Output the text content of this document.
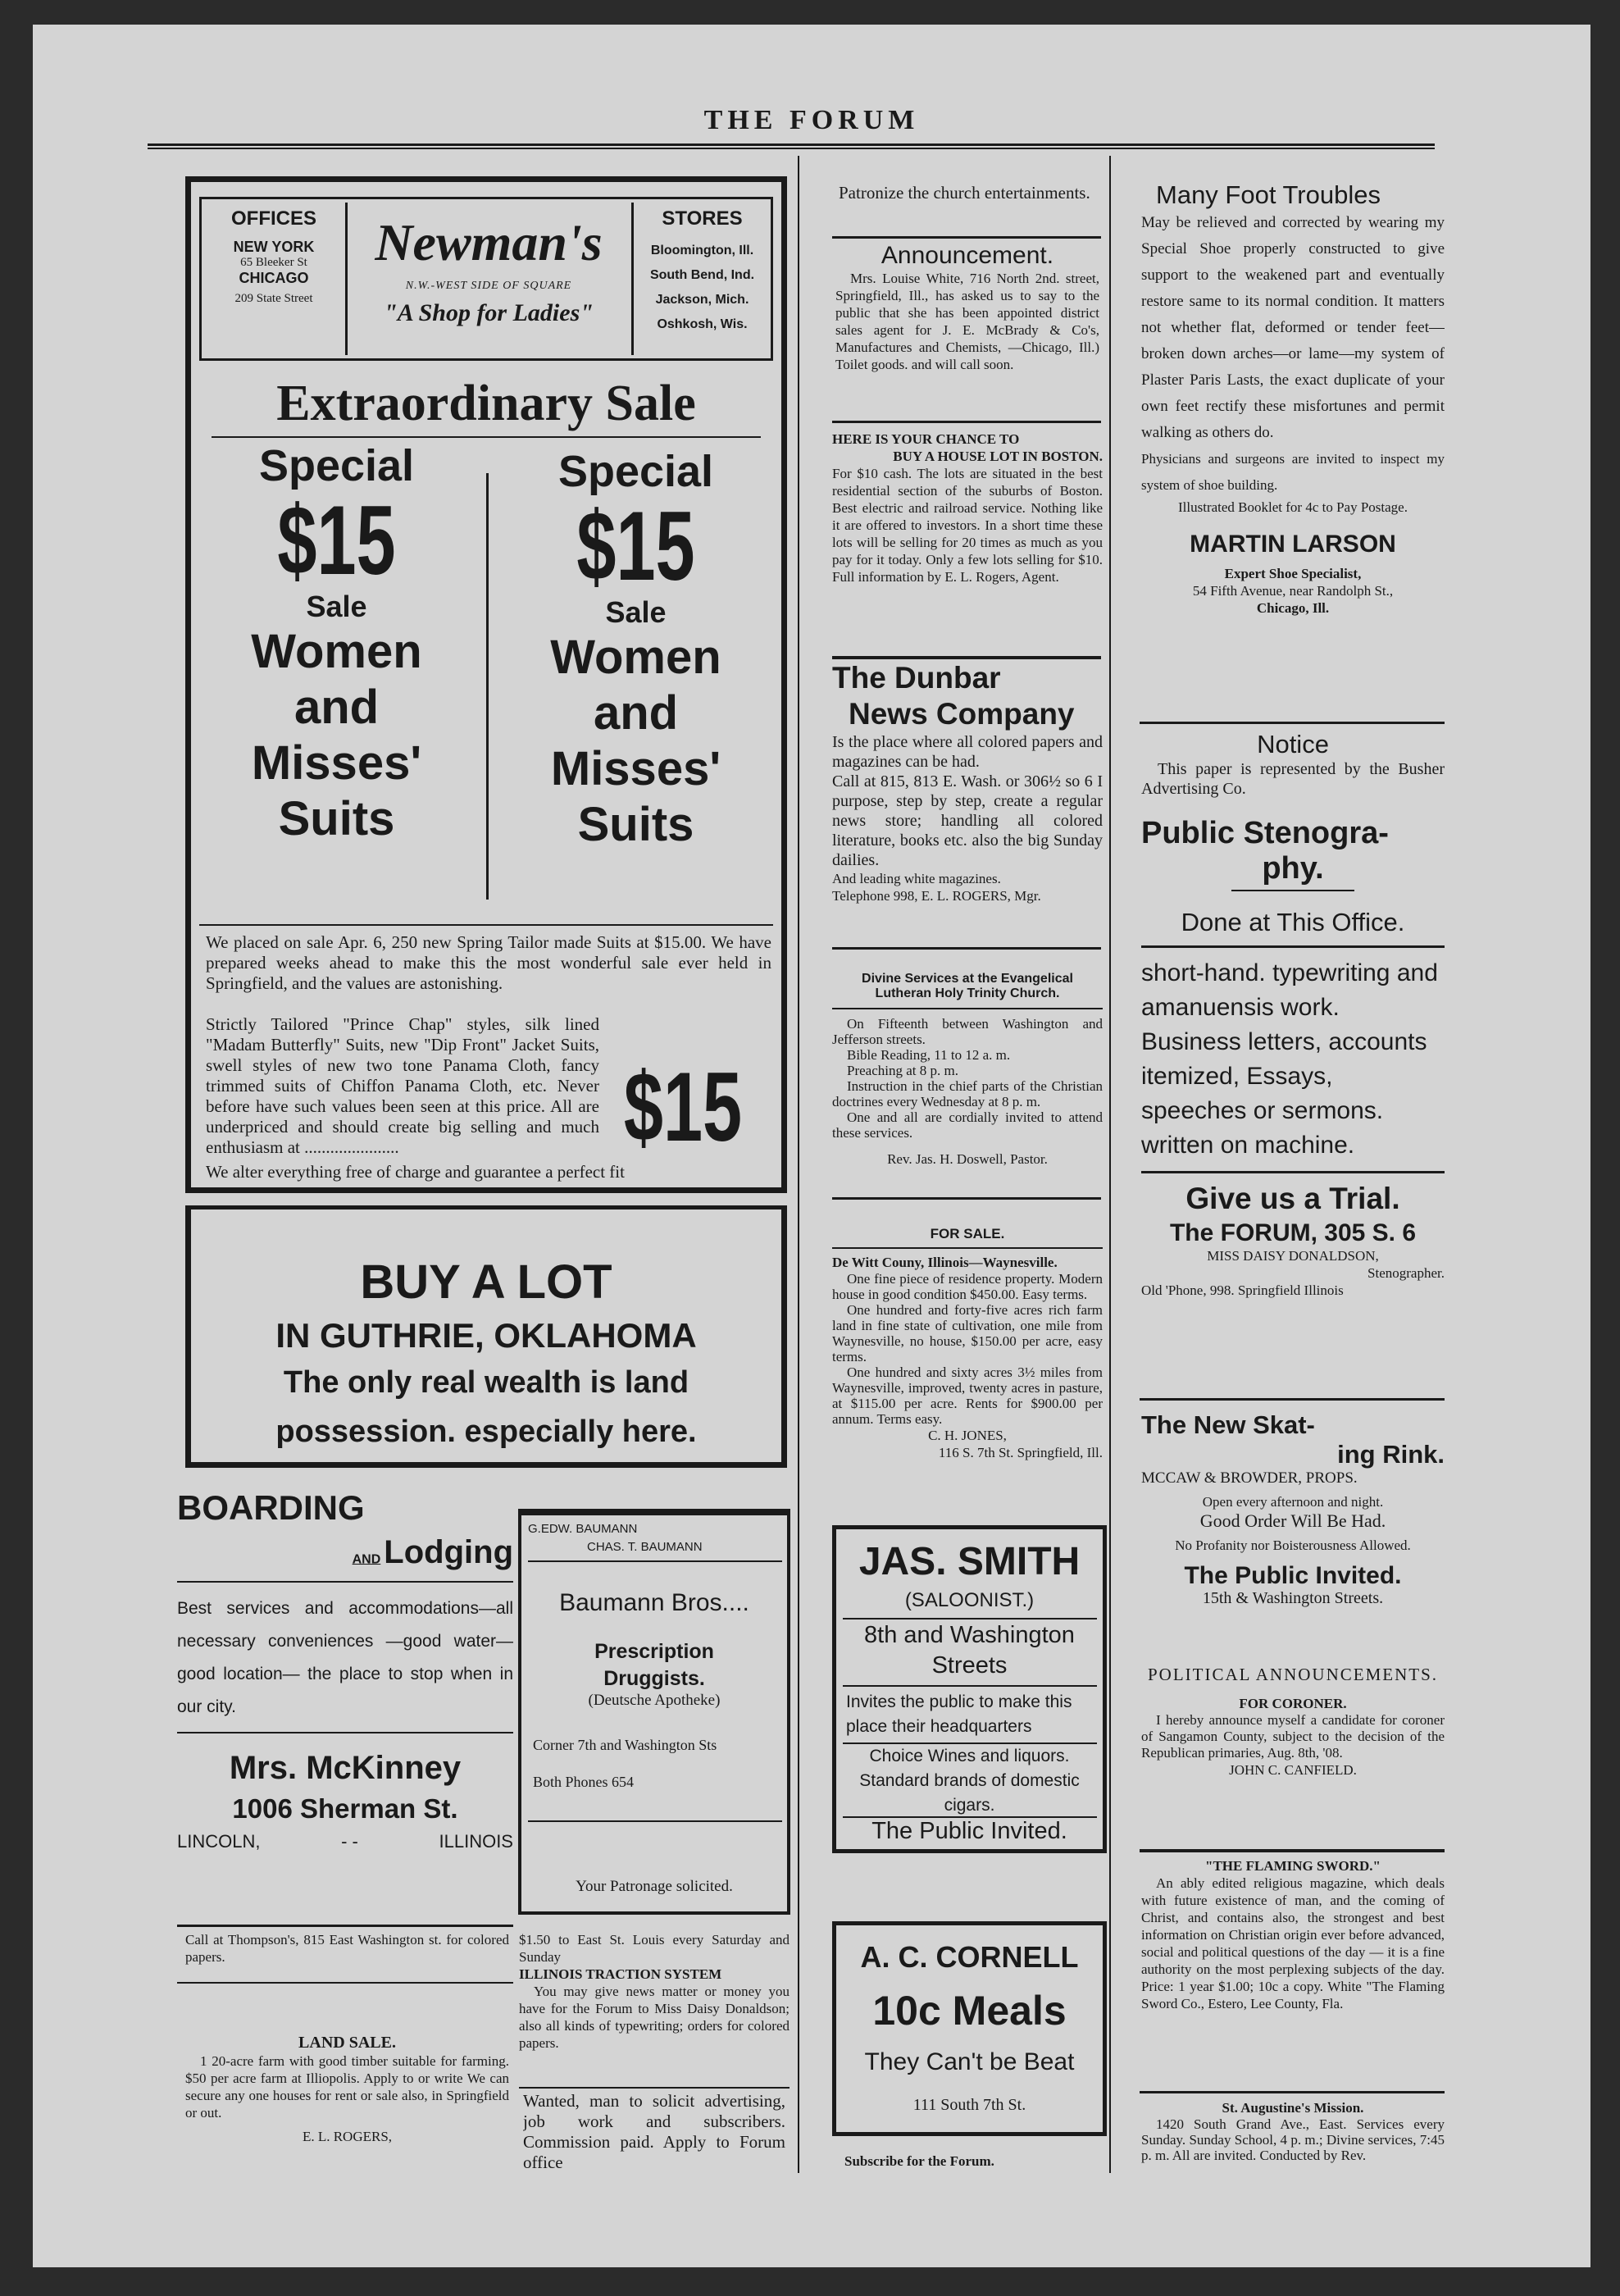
THE FORUM
OFFICES
NEW YORK
65 Bleeker St
CHICAGO
209 State Street
Newman's
N.W.-WEST SIDE OF SQUARE
"A Shop for Ladies"
STORES
Bloomington, Ill.
South Bend, Ind.
Jackson, Mich.
Oshkosh, Wis.
Extraordinary Sale
Special
$15
Sale
Women
and
Misses'
Suits
Special
$15
Sale
Women
and
Misses'
Suits
We placed on sale Apr. 6, 250 new Spring Tailor made Suits at $15.00. We have prepared weeks ahead to make this the most wonderful sale ever held in Springfield, and the values are astonishing.
Strictly Tailored "Prince Chap" styles, silk lined "Madam Butterfly" Suits, new "Dip Front" Jacket Suits, swell styles of new two tone Panama Cloth, fancy trimmed suits of Chiffon Panama Cloth, etc. Never before have such values been seen at this price. All are underpriced and should create big selling and much enthusiasm at ......................	$15
We alter everything free of charge and guarantee a perfect fit
BUY A LOT
IN GUTHRIE, OKLAHOMA
The only real wealth is land
possession. especially here.
BOARDING
AND Lodging
Best services and accommodations—all necessary conveniences —good water—good location— the place to stop when in our city.
Mrs. McKinney
1006 Sherman St.
LINCOLN,	- -	ILLINOIS
Call at Thompson's, 815 East Washington st. for colored papers.
LAND SALE.
1 20-acre farm with good timber suitable for farming. $50 per acre farm at Illiopolis. Apply to or write We can secure any one houses for rent or sale also, in Springfield or out.
E. L. ROGERS,
G.EDW. BAUMANN
CHAS. T. BAUMANN
Baumann Bros....
Prescription
Druggists.
(Deutsche Apotheke)
Corner 7th and Washington Sts
Both Phones 654
Your Patronage solicited.
$1.50 to East St. Louis every Saturday and Sunday
ILLINOIS TRACTION SYSTEM
You may give news matter or money you have for the Forum to Miss Daisy Donaldson; also all kinds of typewriting; orders for colored papers.
Wanted, man to solicit advertising, job work and subscribers. Commission paid. Apply to Forum office
Patronize the church entertainments.
Announcement.
Mrs. Louise White, 716 North 2nd. street, Springfield, Ill., has asked us to say to the public that she has been appointed district sales agent for J. E. McBrady & Co's, Manufactures and Chemists, —Chicago, Ill.) Toilet goods. and will call soon.
HERE IS YOUR CHANCE TO
BUY A HOUSE LOT IN BOSTON.
For $10 cash. The lots are situated in the best residential section of the suburbs of Boston. Best electric and railroad service. Nothing like it are offered to investors. In a short time these lots will be selling for 20 times as much as you pay for it today. Only a few lots selling for $10. Full information by E. L. Rogers, Agent.
The Dunbar
News Company
Is the place where all colored papers and magazines can be had.
Call at 815, 813 E. Wash. or 306½ so 6 I purpose, step by step, create a regular news store; handling all colored literature, books etc. also the big Sunday dailies.
And leading white magazines.
Telephone 998, E. L. ROGERS, Mgr.
Divine Services at the Evangelical
Lutheran Holy Trinity Church.
On Fifteenth between Washington and Jefferson streets.
Bible Reading, 11 to 12 a. m.
Preaching at 8 p. m.
Instruction in the chief parts of the Christian doctrines every Wednesday at 8 p. m.
One and all are cordially invited to attend these services.
Rev. Jas. H. Doswell, Pastor.
FOR SALE.
De Witt Couny, Illinois—Waynesville.
One fine piece of residence property. Modern house in good condition $450.00. Easy terms.
One hundred and forty-five acres rich farm land in fine state of cultivation, one mile from Waynesville, no house, $150.00 per acre, easy terms.
One hundred and sixty acres 3½ miles from Waynesville, improved, twenty acres in pasture, at $115.00 per acre. Rents for $900.00 per annum. Terms easy.
C. H. JONES,
116 S. 7th St. Springfield, Ill.
JAS. SMITH
(SALOONIST.)
8th and Washington
Streets
Invites the public to make this place their headquarters
Choice Wines and liquors. Standard brands of domestic cigars.
The Public Invited.
A. C. CORNELL
10c Meals
They Can't be Beat
111 South 7th St.
Subscribe for the Forum.
Many Foot Troubles
May be relieved and corrected by wearing my Special Shoe properly constructed to give support to the weakened part and eventually restore same to its normal condition. It matters not whether flat, deformed or tender feet—broken down arches—or lame—my system of Plaster Paris Lasts, the exact duplicate of your own feet rectify these misfortunes and permit walking as others do.
Physicians and surgeons are invited to inspect my system of shoe building.
Illustrated Booklet for 4c to Pay Postage.
MARTIN LARSON
Expert Shoe Specialist,
54 Fifth Avenue, near Randolph St.,
Chicago, Ill.
Notice
This paper is represented by the Busher Advertising Co.
Public Stenogra-
phy.
Done at This Office.
short-hand. typewriting and amanuensis work. Business letters, accounts itemized, Essays, speeches or sermons. written on machine.
Give us a Trial.
The FORUM, 305 S. 6
MISS DAISY DONALDSON,
Stenographer.
Old 'Phone, 998. Springfield Illinois
The New Skat-
ing Rink.
MCCAW & BROWDER, PROPS.
Open every afternoon and night.
Good Order Will Be Had.
No Profanity nor Boisterousness Allowed.
The Public Invited.
15th & Washington Streets.
POLITICAL ANNOUNCEMENTS.
FOR CORONER.
I hereby announce myself a candidate for coroner of Sangamon County, subject to the decision of the Republican primaries, Aug. 8th, '08.
JOHN C. CANFIELD.
"THE FLAMING SWORD."
An ably edited religious magazine, which deals with future existence of man, and the coming of Christ, and contains also, the strongest and best information on Christian origin ever before advanced, social and political questions of the day — it is a fine authority on the most perplexing subjects of the day. Price: 1 year $1.00; 10c a copy. White "The Flaming Sword Co., Estero, Lee County, Fla.
St. Augustine's Mission.
1420 South Grand Ave., East. Services every Sunday. Sunday School, 4 p. m.; Divine services, 7:45 p. m. All are invited. Conducted by Rev.
